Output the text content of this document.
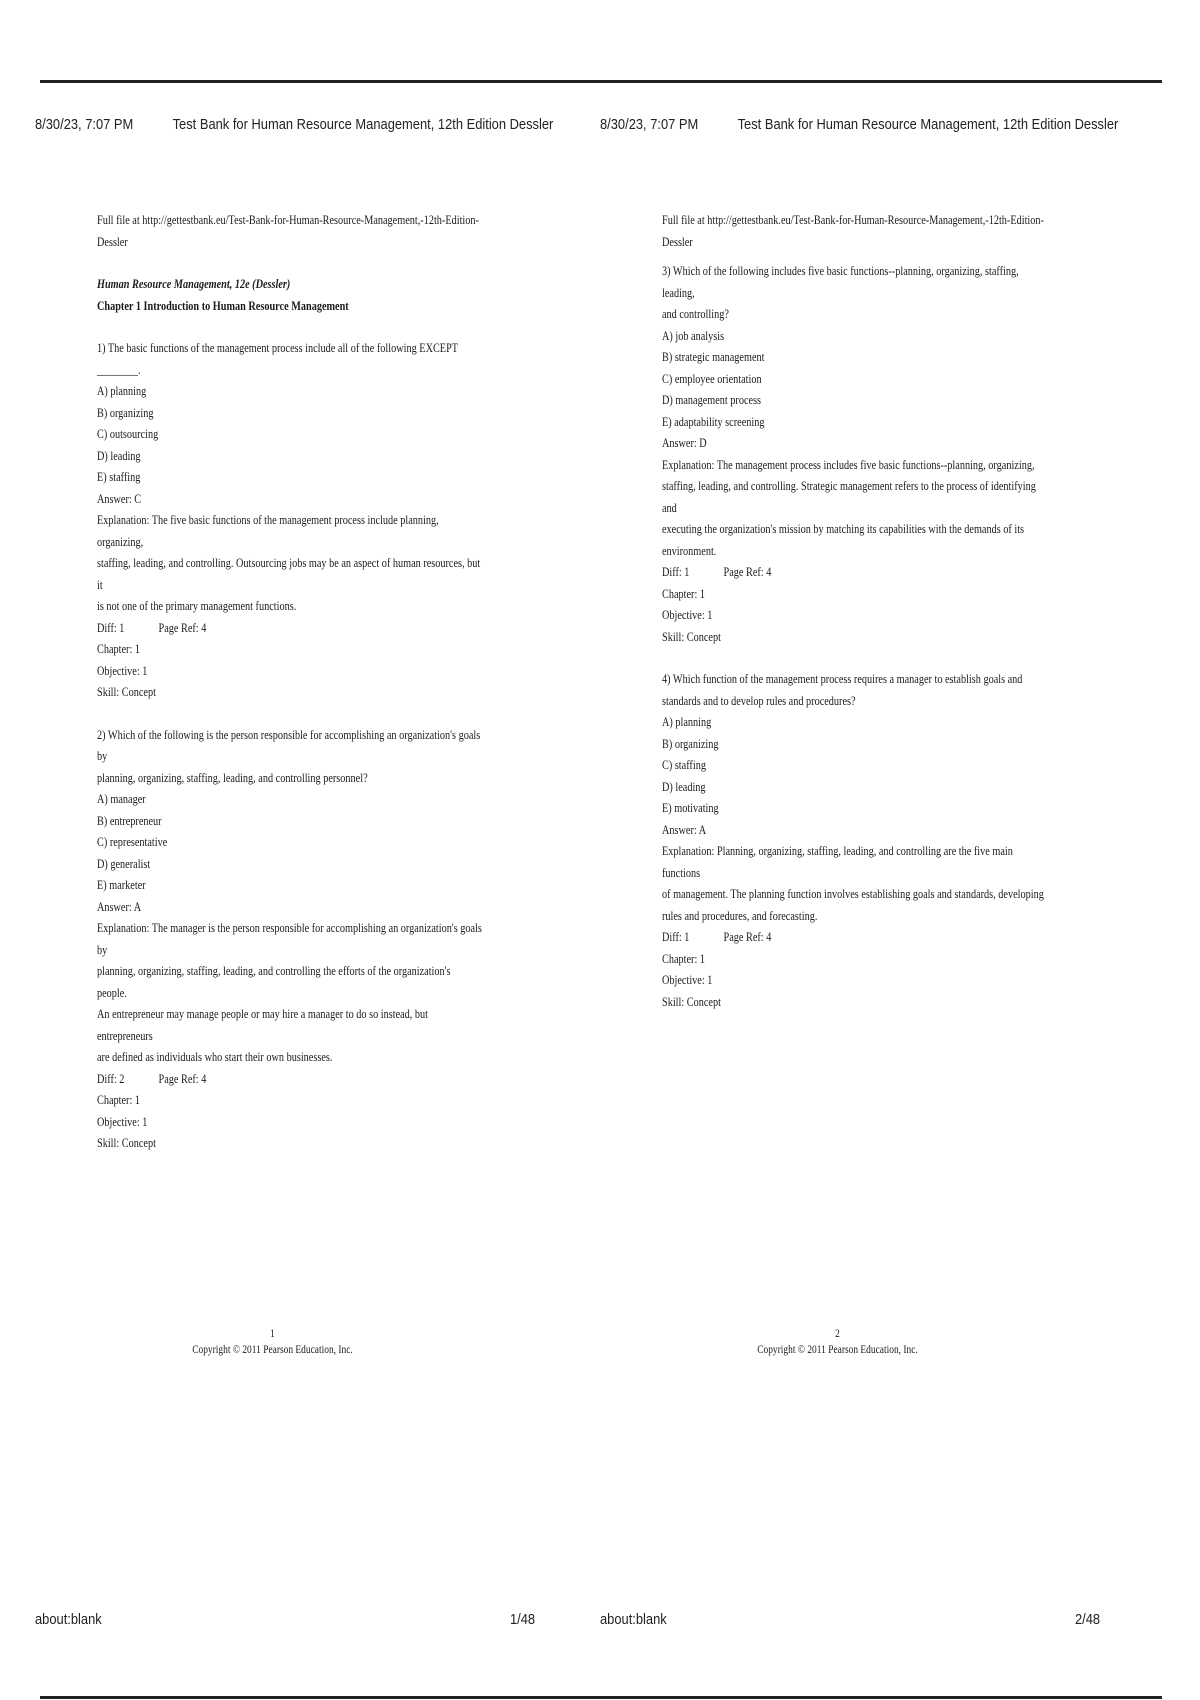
8/30/23, 7:07 PM	Test Bank for Human Resource Management, 12th Edition Dessler

Full file at http://gettestbank.eu/Test-Bank-for-Human-Resource-Management,-12th-Edition-

Dessler

Human Resource Management, 12e (Dessler)

Chapter 1 Introduction to Human Resource Management

1) The basic functions of the management process include all of the following EXCEPT

________.

A) planning

B) organizing

C) outsourcing

D) leading

E) staffing

Answer: C

Explanation: The five basic functions of the management process include planning, organizing,

staffing, leading, and controlling. Outsourcing jobs may be an aspect of human resources, but it

is not one of the primary management functions.

Diff: 1	Page Ref: 4

Chapter: 1

Objective: 1

Skill: Concept

2) Which of the following is the person responsible for accomplishing an organization's goals by

planning, organizing, staffing, leading, and controlling personnel?

A) manager

B) entrepreneur

C) representative

D) generalist

E) marketer

Answer: A

Explanation: The manager is the person responsible for accomplishing an organization's goals by

planning, organizing, staffing, leading, and controlling the efforts of the organization's people.

An entrepreneur may manage people or may hire a manager to do so instead, but entrepreneurs

are defined as individuals who start their own businesses.

Diff: 2	Page Ref: 4

Chapter: 1

Objective: 1

Skill: Concept

1
Copyright © 2011 Pearson Education, Inc.
about:blank	1/48
8/30/23, 7:07 PM	Test Bank for Human Resource Management, 12th Edition Dessler

Full file at http://gettestbank.eu/Test-Bank-for-Human-Resource-Management,-12th-Edition-

Dessler

3) Which of the following includes five basic functions--planning, organizing, staffing, leading,

and controlling?

A) job analysis

B) strategic management

C) employee orientation

D) management process

E) adaptability screening

Answer: D

Explanation: The management process includes five basic functions--planning, organizing,

staffing, leading, and controlling. Strategic management refers to the process of identifying and

executing the organization's mission by matching its capabilities with the demands of its

environment.

Diff: 1	Page Ref: 4

Chapter: 1

Objective: 1

Skill: Concept

4) Which function of the management process requires a manager to establish goals and

standards and to develop rules and procedures?

A) planning

B) organizing

C) staffing

D) leading

E) motivating

Answer: A

Explanation: Planning, organizing, staffing, leading, and controlling are the five main functions

of management. The planning function involves establishing goals and standards, developing

rules and procedures, and forecasting.

Diff: 1	Page Ref: 4

Chapter: 1

Objective: 1

Skill: Concept

2
Copyright © 2011 Pearson Education, Inc.
about:blank	2/48
